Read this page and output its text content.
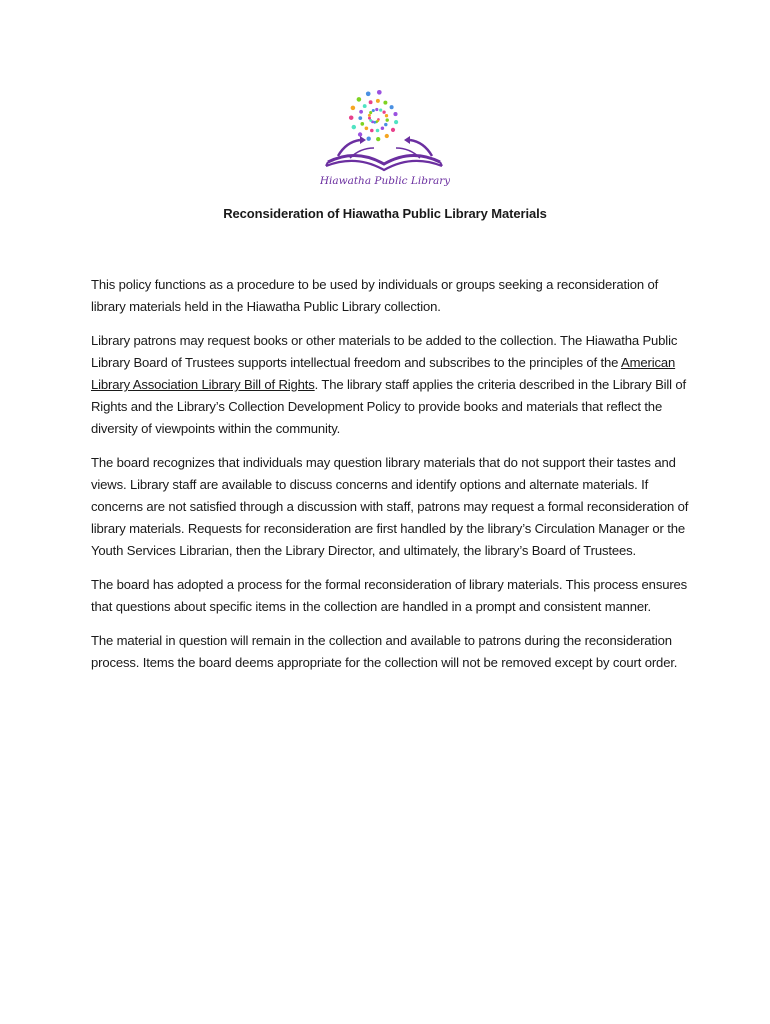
Hiawatha Public Library
Reconsideration of Hiawatha Public Library Materials

This policy functions as a procedure to be used by individuals or groups seeking a reconsideration of library materials held in the Hiawatha Public Library collection.

Library patrons may request books or other materials to be added to the collection. The Hiawatha Public Library Board of Trustees supports intellectual freedom and subscribes to the principles of the American Library Association Library Bill of Rights. The library staff applies the criteria described in the Library Bill of Rights and the Library’s Collection Development Policy to provide books and materials that reflect the diversity of viewpoints within the community.

The board recognizes that individuals may question library materials that do not support their tastes and views. Library staff are available to discuss concerns and identify options and alternate materials. If concerns are not satisfied through a discussion with staff, patrons may request a formal reconsideration of library materials. Requests for reconsideration are first handled by the library’s Circulation Manager or the Youth Services Librarian, then the Library Director, and ultimately, the library’s Board of Trustees.

The board has adopted a process for the formal reconsideration of library materials. This process ensures that questions about specific items in the collection are handled in a prompt and consistent manner.

The material in question will remain in the collection and available to patrons during the reconsideration process. Items the board deems appropriate for the collection will not be removed except by court order.
